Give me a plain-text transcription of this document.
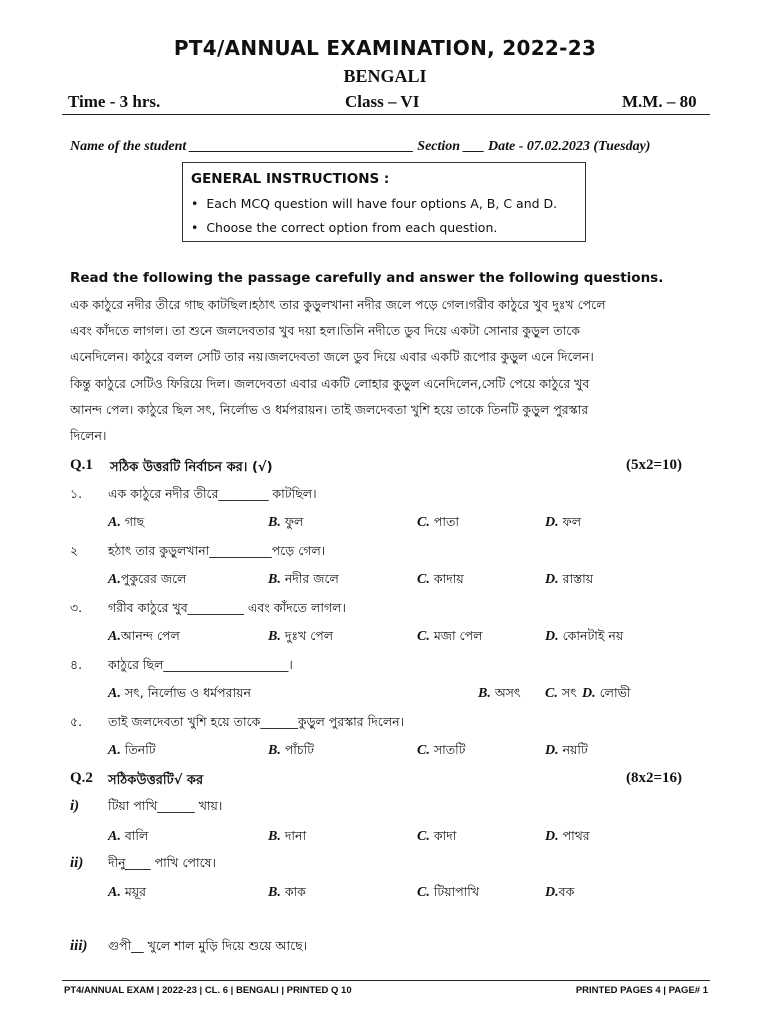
PT4/ANNUAL EXAMINATION, 2022-23
BENGALI
Time - 3 hrs.	Class – VI	M.M. – 80
Name of the student ________________________________ Section ___ Date - 07.02.2023 (Tuesday)
GENERAL INSTRUCTIONS :
•  Each MCQ question will have four options A, B, C and D.
•  Choose the correct option from each question.
Read the following the passage carefully and answer the following questions.
এক কাঠুরে নদীর তীরে গাছ কাটছিল।হঠাৎ তার কুড়ুলখানা নদীর জলে পড়ে গেল।গরীব কাঠুরে খুব দুঃখ পেলে
এবং কাঁদতে লাগল। তা শুনে জলদেবতার খুব দয়া হল।তিনি নদীতে ডুব দিয়ে একটা সোনার কুড়ুল তাকে
এনেদিলেন। কাঠুরে বলল সেটি তার নয়।জলদেবতা জলে ডুব দিয়ে এবার একটি রূপোর কুড়ুল এনে দিলেন।
কিন্তু কাঠুরে সেটিও ফিরিয়ে দিল। জলদেবতা এবার একটি লোহার কুড়ুল এনেদিলেন,সেটি পেয়ে কাঠুরে খুব
আনন্দ পেল। কাঠুরে ছিল সৎ, নির্লোভ ও ধর্মপরায়ন। তাই জলদেবতা খুশি হয়ে তাকে তিনটি কুড়ুল পুরস্কার
দিলেন।
Q.1 সঠিক উত্তরটি নির্বাচন কর। (√)	(5x2=10)
১. এক কাঠুরে নদীর তীরে________ কাটছিল।
A. গাছ	B. ফুল	C. পাতা	D. ফল
২ হঠাৎ তার কুড়ুলখানা__________পড়ে গেল।
A.পুকুরের জলে	B. নদীর জলে	C. কাদায়	D. রাস্তায়
৩. গরীব কাঠুরে খুব_________ এবং কাঁদতে লাগল।
A.আনন্দ পেল	B. দুঃখ পেল	C. মজা পেল	D. কোনটাই নয়
৪. কাঠুরে ছিল____________________।
A. সৎ, নির্লোভ ও ধর্মপরায়ন	B. অসৎ C. সৎ D. লোভী
৫. তাই জলদেবতা খুশি হয়ে তাকে______কুড়ুল পুরস্কার দিলেন।
A. তিনটি	B. পাঁচটি	C. সাতটি	D. নয়টি
Q.2 সঠিকউত্তরটি√ কর	(8x2=16)
i) টিয়া পাখি______ খায়।
A. বালি	B. দানা	C. কাদা	D. পাথর
ii) দীনু____ পাখি পোষে।
A. ময়ূর	B. কাক	C. টিয়াপাখি	D.বক
iii) গুপী__ খুলে শাল মুড়ি দিয়ে শুয়ে আছে।
PT4/ANNUAL EXAM | 2022-23 | CL. 6 | BENGALI | PRINTED Q 10	PRINTED PAGES 4 | PAGE# 1
